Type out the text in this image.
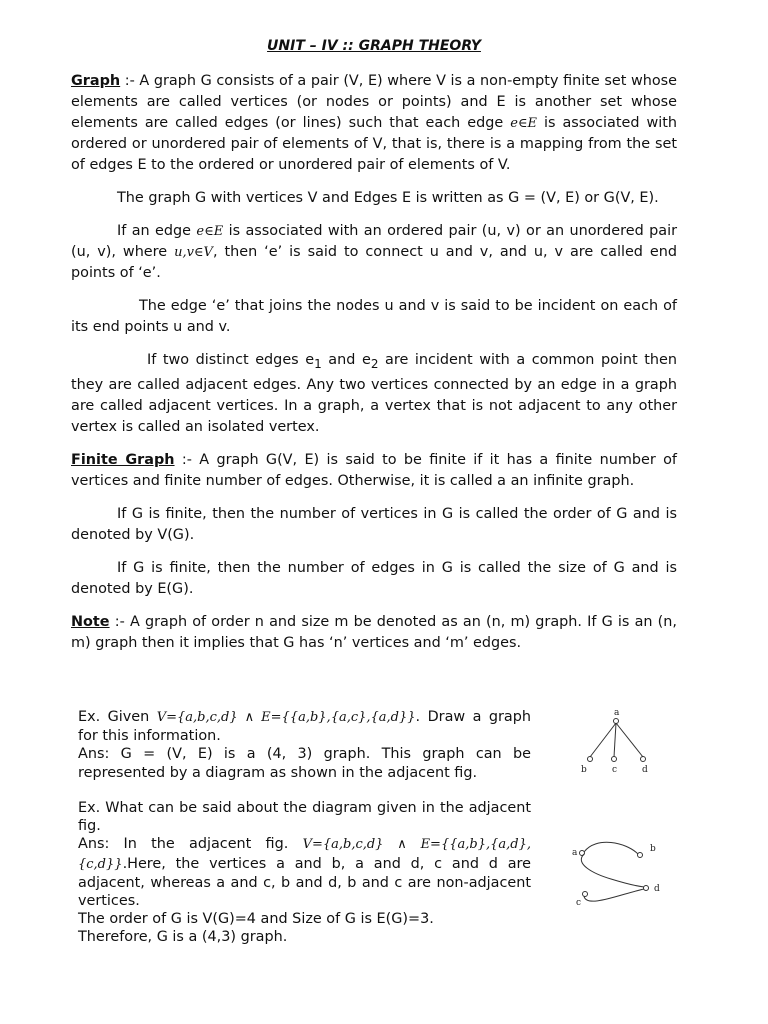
UNIT – IV :: GRAPH THEORY

Graph :- A graph G consists of a pair (V, E) where V is a non-empty finite set whose elements are called vertices (or nodes or points) and E is another set whose elements are called edges (or lines) such that each edge e∈E is associated with ordered or unordered pair of elements of V, that is, there is a mapping from the set of edges E to the ordered or unordered pair of elements of V.

The graph G with vertices V and Edges E is written as G = (V, E) or G(V, E).

If an edge e∈E is associated with an ordered pair (u, v) or an unordered pair (u, v), where u,v∈V, then ‘e’ is said to connect u and v, and u, v are called end points of ‘e’.

The edge ‘e’ that joins the nodes u and v is said to be incident on each of its end points u and v.

If two distinct edges $e_1$ and $e_2$ are incident with a common point then they are called adjacent edges. Any two vertices connected by an edge in a graph are called adjacent vertices. In a graph, a vertex that is not adjacent to any other vertex is called an isolated vertex.

Finite Graph :- A graph G(V, E) is said to be finite if it has a finite number of vertices and finite number of edges. Otherwise, it is called a an infinite graph.

If G is finite, then the number of vertices in G is called the order of G and is denoted by V(G).

If G is finite, then the number of edges in G is called the size of G and is denoted by E(G).

Note :- A graph of order n and size m be denoted as an (n, m) graph. If G is an (n, m) graph then it implies that G has ‘n’ vertices and ‘m’ edges.

Ex. Given V={a,b,c,d} ∧ E={{a,b},{a,c},{a,d}}. Draw a graph for this information.

Ans: G = (V, E) is a (4, 3) graph. This graph can be represented by a diagram as shown in the adjacent fig.

Ex. What can be said about the diagram given in the adjacent fig.

Ans: In the adjacent fig. V={a,b,c,d} ∧ E={{a,b},{a,d},{c,d}}.Here, the vertices a and b, a and d, c and d are adjacent, whereas a and c, b and d, b and c are non-adjacent vertices.

The order of G is V(G)=4 and Size of G is E(G)=3.

Therefore, G is a (4,3) graph.

a
b	c	d
a	b
c
d
